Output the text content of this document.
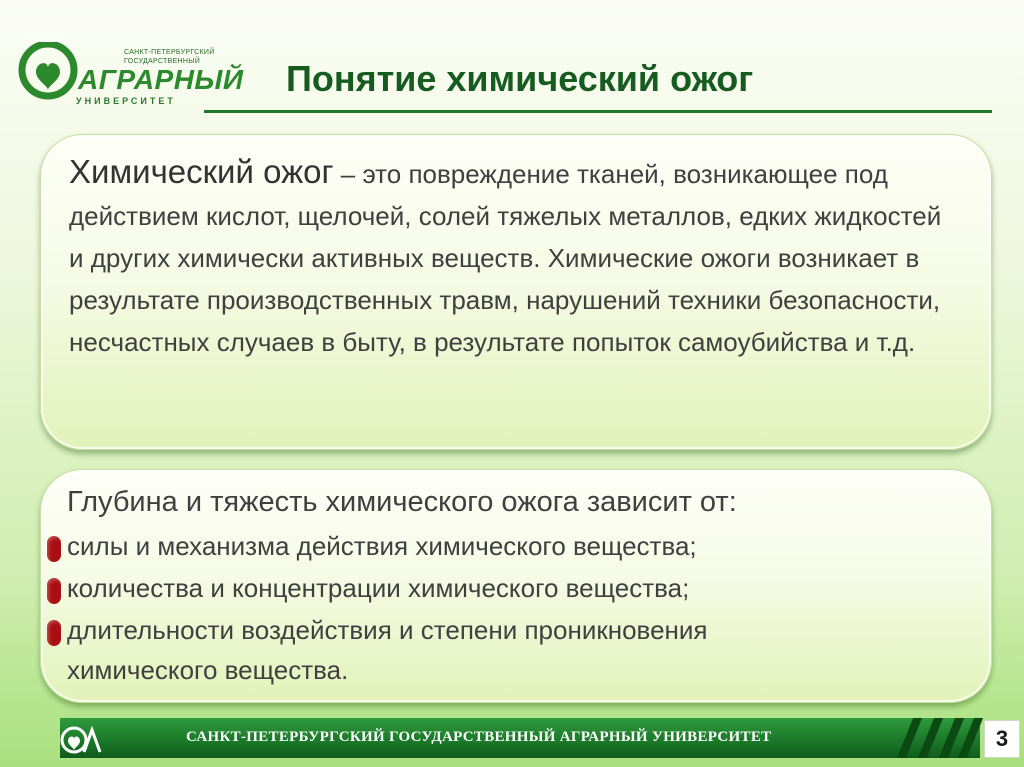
САНКТ-ПЕТЕРБУРГСКИЙ
ГОСУДАРСТВЕННЫЙ
АГРАРНЫЙ
УНИВЕРСИТЕТ
Понятие химический ожог
Химический ожог – это повреждение тканей, возникающее под действием кислот, щелочей, солей тяжелых металлов, едких жидкостей и других химически активных веществ. Химические ожоги возникает в результате производственных травм, нарушений техники безопасности, несчастных случаев в быту, в результате попыток самоубийства и т.д.
Глубина и тяжесть химического ожога зависит от:
силы и механизма действия химического вещества;
количества и концентрации химического вещества;
длительности воздействия и степени проникновения
химического вещества.
САНКТ-ПЕТЕРБУРГСКИЙ ГОСУДАРСТВЕННЫЙ АГРАРНЫЙ УНИВЕРСИТЕТ	3
